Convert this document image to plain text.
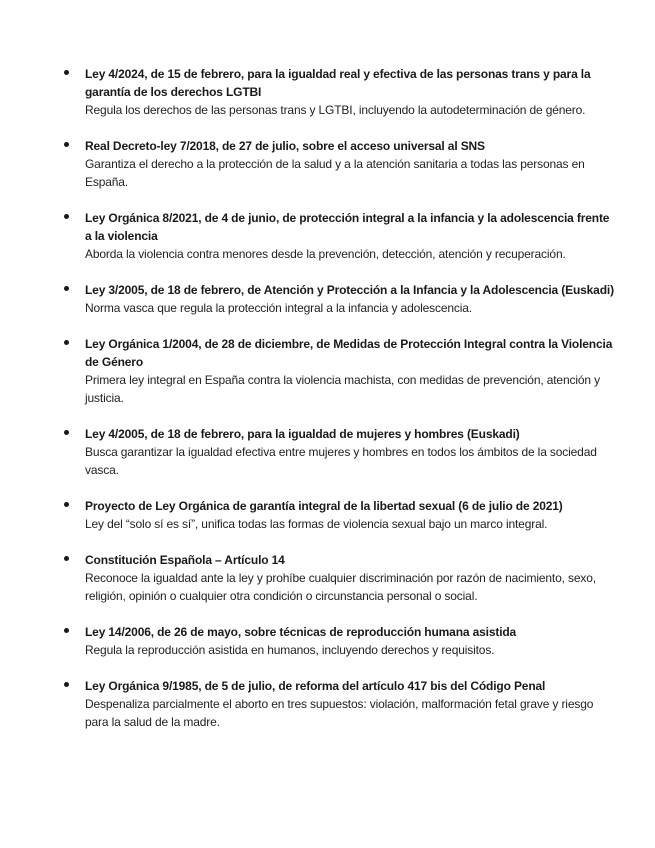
Ley 4/2024, de 15 de febrero, para la igualdad real y efectiva de las personas trans y para la garantía de los derechos LGTBI
Regula los derechos de las personas trans y LGTBI, incluyendo la autodeterminación de género.
Real Decreto-ley 7/2018, de 27 de julio, sobre el acceso universal al SNS
Garantiza el derecho a la protección de la salud y a la atención sanitaria a todas las personas en España.
Ley Orgánica 8/2021, de 4 de junio, de protección integral a la infancia y la adolescencia frente a la violencia
Aborda la violencia contra menores desde la prevención, detección, atención y recuperación.
Ley 3/2005, de 18 de febrero, de Atención y Protección a la Infancia y la Adolescencia (Euskadi)
Norma vasca que regula la protección integral a la infancia y adolescencia.
Ley Orgánica 1/2004, de 28 de diciembre, de Medidas de Protección Integral contra la Violencia de Género
Primera ley integral en España contra la violencia machista, con medidas de prevención, atención y justicia.
Ley 4/2005, de 18 de febrero, para la igualdad de mujeres y hombres (Euskadi)
Busca garantizar la igualdad efectiva entre mujeres y hombres en todos los ámbitos de la sociedad vasca.
Proyecto de Ley Orgánica de garantía integral de la libertad sexual (6 de julio de 2021)
Ley del “solo sí es sí”, unifica todas las formas de violencia sexual bajo un marco integral.
Constitución Española – Artículo 14
Reconoce la igualdad ante la ley y prohíbe cualquier discriminación por razón de nacimiento, sexo, religión, opinión o cualquier otra condición o circunstancia personal o social.
Ley 14/2006, de 26 de mayo, sobre técnicas de reproducción humana asistida
Regula la reproducción asistida en humanos, incluyendo derechos y requisitos.
Ley Orgánica 9/1985, de 5 de julio, de reforma del artículo 417 bis del Código Penal
Despenaliza parcialmente el aborto en tres supuestos: violación, malformación fetal grave y riesgo para la salud de la madre.
